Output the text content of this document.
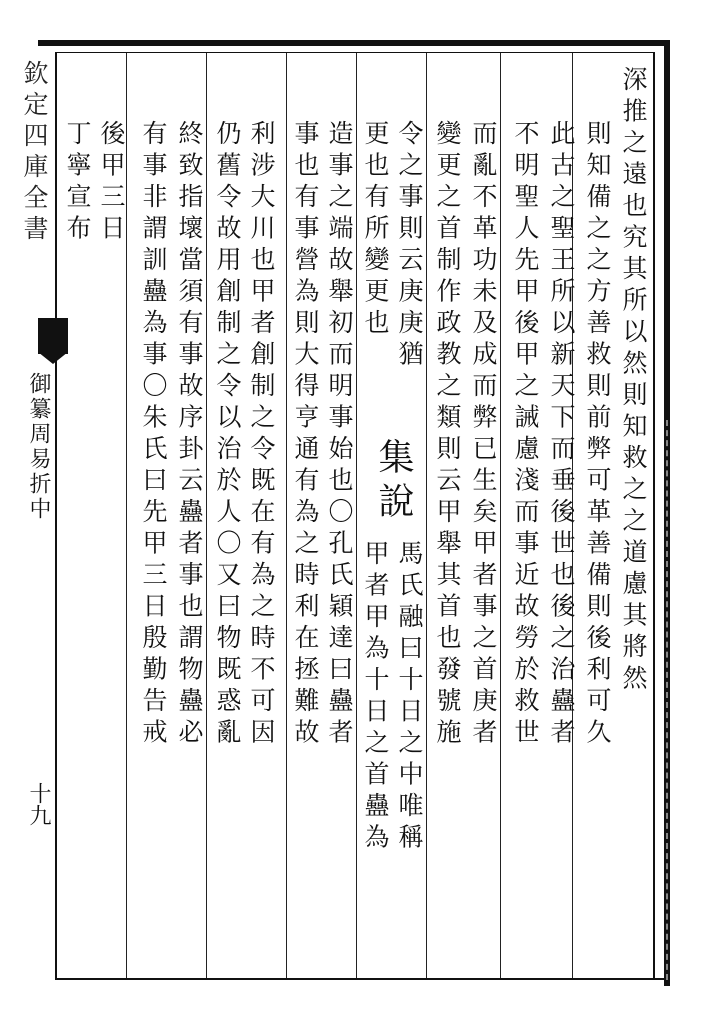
欽定四庫全書
御纂周易折中
十九
深推之遠也究其所以然則知救之之道慮其將然
則知備之之方善救則前弊可革善備則後利可久
此古之聖王所以新天下而垂後世也後之治蠱者
不明聖人先甲後甲之誡慮淺而事近故勞於救世
而亂不革功未及成而弊已生矣甲者事之首庚者
變更之首制作政教之類則云甲舉其首也發號施
令之事則云庚庚猶
更也有所變更也
集說
馬氏融曰十日之中唯稱
甲者甲為十日之首蠱為
造事之端故舉初而明事始也〇孔氏穎達曰蠱者
事也有事營為則大得亨通有為之時利在拯難故
利涉大川也甲者創制之令既在有為之時不可因
仍舊令故用創制之令以治於人〇又曰物既惑亂
終致指壞當須有事故序卦云蠱者事也謂物蠱必
有事非謂訓蠱為事〇朱氏曰先甲三日殷勤告戒
後甲三日
丁寧宣布
